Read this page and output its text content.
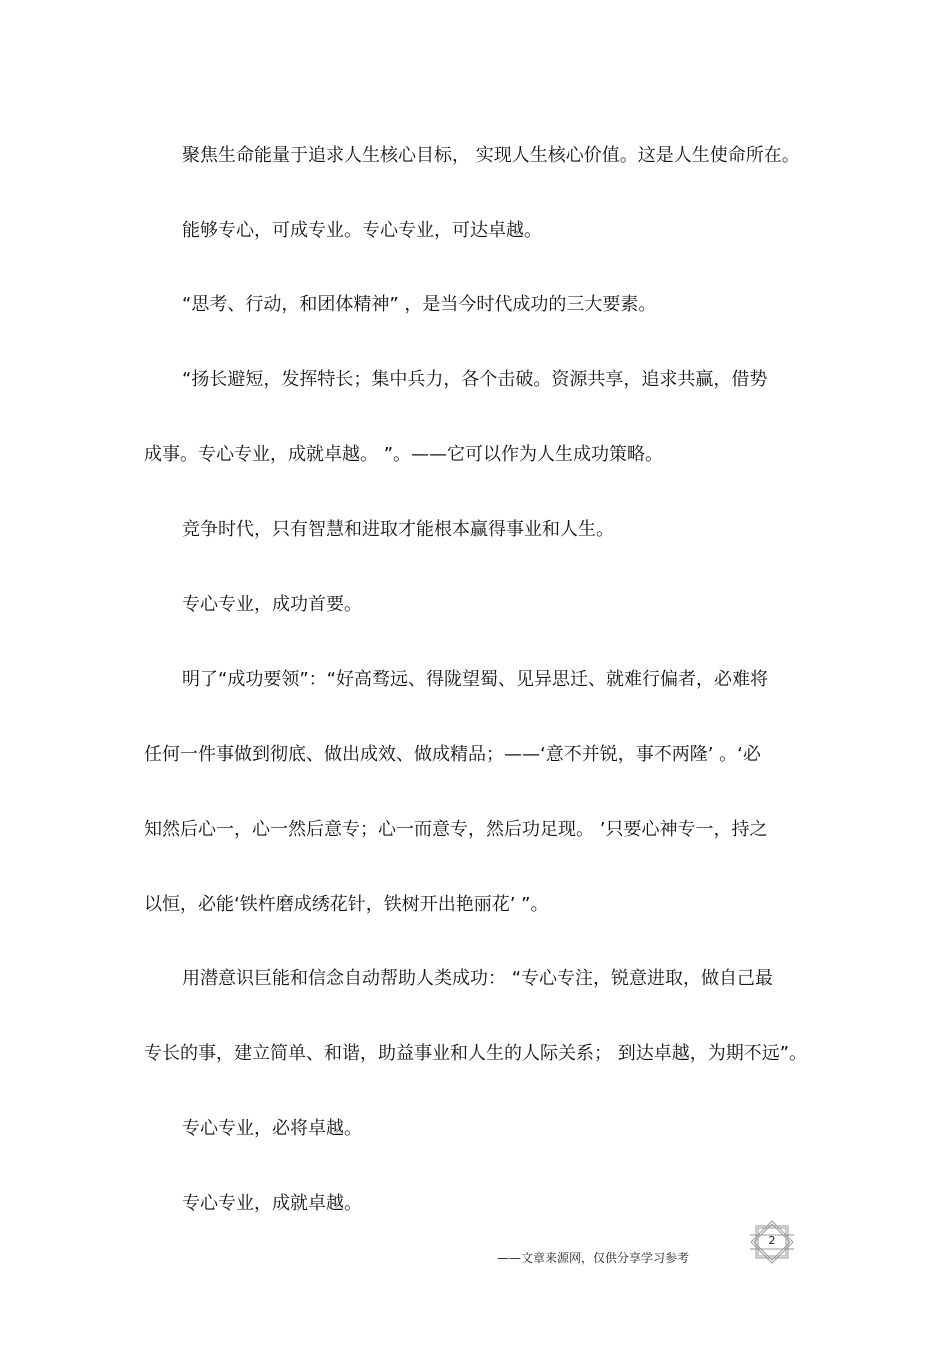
聚焦生命能量于追求人生核心目标， 实现人生核心价值。这是人生使命所在。

能够专心，可成专业。专心专业，可达卓越。

“思考、行动，和团体精神” ，是当今时代成功的三大要素。

“扬长避短，发挥特长；集中兵力，各个击破。资源共享，追求共赢，借势

成事。专心专业，成就卓越。 ”。——它可以作为人生成功策略。

竞争时代，只有智慧和进取才能根本赢得事业和人生。

专心专业，成功首要。

明了“成功要领”：“好高骛远、得陇望蜀、见异思迁、就难行偏者，必难将

任何一件事做到彻底、做出成效、做成精品；——‘意不并锐，事不两隆’ 。‘必

知然后心一，心一然后意专；心一而意专，然后功足现。 ’只要心神专一，持之

以恒，必能‘铁杵磨成绣花针，铁树开出艳丽花’ ”。

用潜意识巨能和信念自动帮助人类成功： “专心专注，锐意进取，做自己最

专长的事，建立简单、和谐，助益事业和人生的人际关系； 到达卓越，为期不远”。

专心专业，必将卓越。

专心专业，成就卓越。

——文章来源网，仅供分享学习参考

2
